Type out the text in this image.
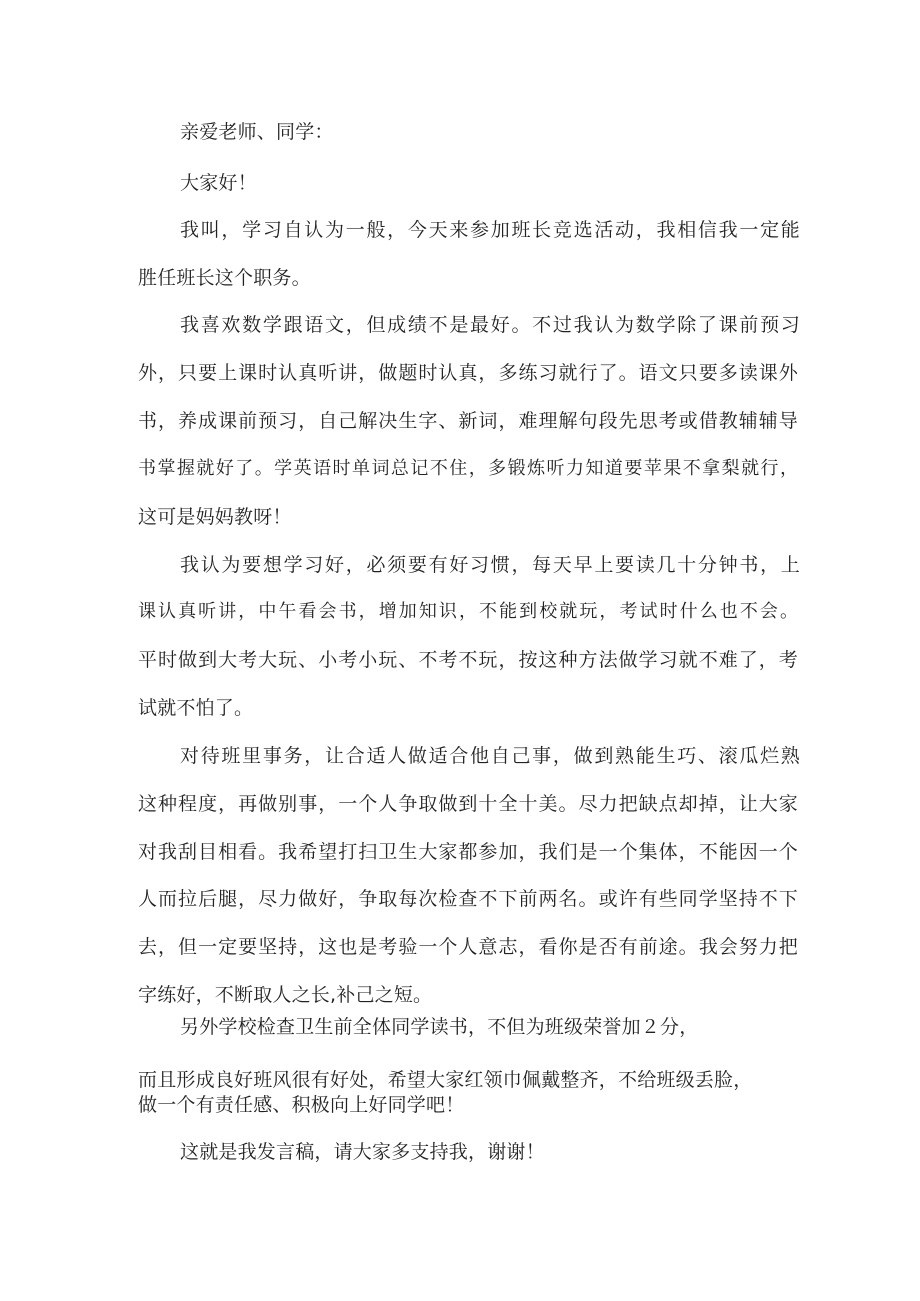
亲爱老师、同学：
大家好！
我叫，学习自认为一般，今天来参加班长竞选活动，我相信我一定能
胜任班长这个职务。
我喜欢数学跟语文，但成绩不是最好。不过我认为数学除了课前预习
外，只要上课时认真听讲，做题时认真，多练习就行了。语文只要多读课外
书，养成课前预习，自己解决生字、新词，难理解句段先思考或借教辅辅导
书掌握就好了。学英语时单词总记不住，多锻炼听力知道要苹果不拿梨就行，
这可是妈妈教呀！
我认为要想学习好，必须要有好习惯，每天早上要读几十分钟书，上
课认真听讲，中午看会书，增加知识，不能到校就玩，考试时什么也不会。
平时做到大考大玩、小考小玩、不考不玩，按这种方法做学习就不难了，考
试就不怕了。
对待班里事务，让合适人做适合他自己事，做到熟能生巧、滚瓜烂熟
这种程度，再做别事，一个人争取做到十全十美。尽力把缺点却掉，让大家
对我刮目相看。我希望打扫卫生大家都参加，我们是一个集体，不能因一个
人而拉后腿，尽力做好，争取每次检查不下前两名。或许有些同学坚持不下
去，但一定要坚持，这也是考验一个人意志，看你是否有前途。我会努力把
字练好，不断取人之长,补己之短。
另外学校检查卫生前全体同学读书，不但为班级荣誉加２分，
而且形成良好班风很有好处，希望大家红领巾佩戴整齐，不给班级丢脸，
做一个有责任感、积极向上好同学吧！
这就是我发言稿，请大家多支持我，谢谢！
